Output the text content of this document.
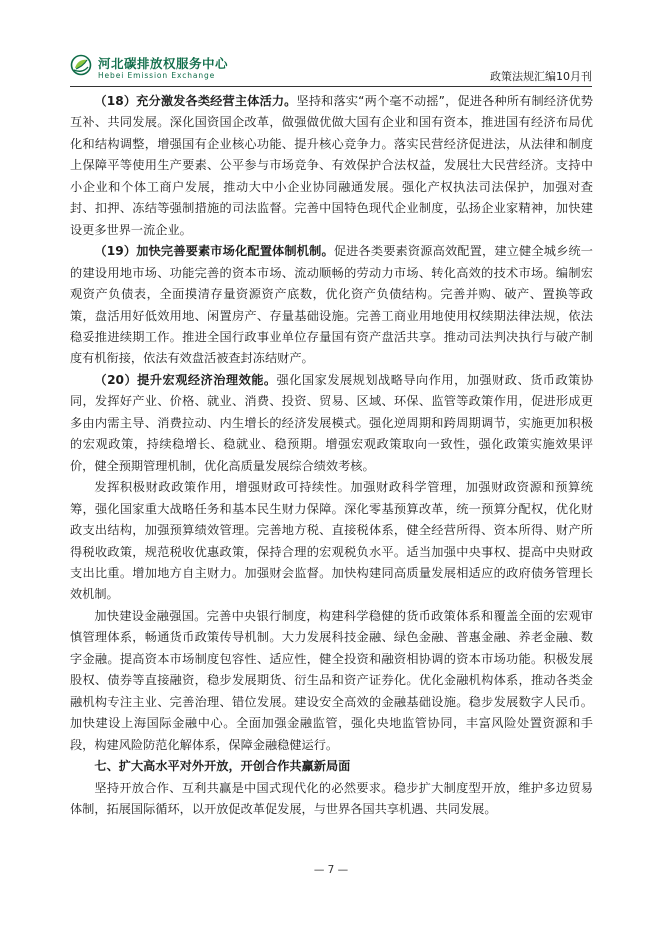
河北碳排放权服务中心
Hebei Emission Exchange	政策法规汇编10月刊

（18）充分激发各类经营主体活力。坚持和落实“两个毫不动摇”，促进各种所有制经济优势互补、共同发展。深化国资国企改革，做强做优做大国有企业和国有资本，推进国有经济布局优化和结构调整，增强国有企业核心功能、提升核心竞争力。落实民营经济促进法，从法律和制度上保障平等使用生产要素、公平参与市场竞争、有效保护合法权益，发展壮大民营经济。支持中小企业和个体工商户发展，推动大中小企业协同融通发展。强化产权执法司法保护，加强对查封、扣押、冻结等强制措施的司法监督。完善中国特色现代企业制度，弘扬企业家精神，加快建设更多世界一流企业。

（19）加快完善要素市场化配置体制机制。促进各类要素资源高效配置，建立健全城乡统一的建设用地市场、功能完善的资本市场、流动顺畅的劳动力市场、转化高效的技术市场。编制宏观资产负债表，全面摸清存量资源资产底数，优化资产负债结构。完善并购、破产、置换等政策，盘活用好低效用地、闲置房产、存量基础设施。完善工商业用地使用权续期法律法规，依法稳妥推进续期工作。推进全国行政事业单位存量国有资产盘活共享。推动司法判决执行与破产制度有机衔接，依法有效盘活被查封冻结财产。

（20）提升宏观经济治理效能。强化国家发展规划战略导向作用，加强财政、货币政策协同，发挥好产业、价格、就业、消费、投资、贸易、区域、环保、监管等政策作用，促进形成更多由内需主导、消费拉动、内生增长的经济发展模式。强化逆周期和跨周期调节，实施更加积极的宏观政策，持续稳增长、稳就业、稳预期。增强宏观政策取向一致性，强化政策实施效果评价，健全预期管理机制，优化高质量发展综合绩效考核。

发挥积极财政政策作用，增强财政可持续性。加强财政科学管理，加强财政资源和预算统筹，强化国家重大战略任务和基本民生财力保障。深化零基预算改革，统一预算分配权，优化财政支出结构，加强预算绩效管理。完善地方税、直接税体系，健全经营所得、资本所得、财产所得税收政策，规范税收优惠政策，保持合理的宏观税负水平。适当加强中央事权、提高中央财政支出比重。增加地方自主财力。加强财会监督。加快构建同高质量发展相适应的政府债务管理长效机制。

加快建设金融强国。完善中央银行制度，构建科学稳健的货币政策体系和覆盖全面的宏观审慎管理体系，畅通货币政策传导机制。大力发展科技金融、绿色金融、普惠金融、养老金融、数字金融。提高资本市场制度包容性、适应性，健全投资和融资相协调的资本市场功能。积极发展股权、债券等直接融资，稳步发展期货、衍生品和资产证券化。优化金融机构体系，推动各类金融机构专注主业、完善治理、错位发展。建设安全高效的金融基础设施。稳步发展数字人民币。加快建设上海国际金融中心。全面加强金融监管，强化央地监管协同，丰富风险处置资源和手段，构建风险防范化解体系，保障金融稳健运行。

七、扩大高水平对外开放，开创合作共赢新局面

坚持开放合作、互利共赢是中国式现代化的必然要求。稳步扩大制度型开放，维护多边贸易体制，拓展国际循环，以开放促改革促发展，与世界各国共享机遇、共同发展。

— 7 —
